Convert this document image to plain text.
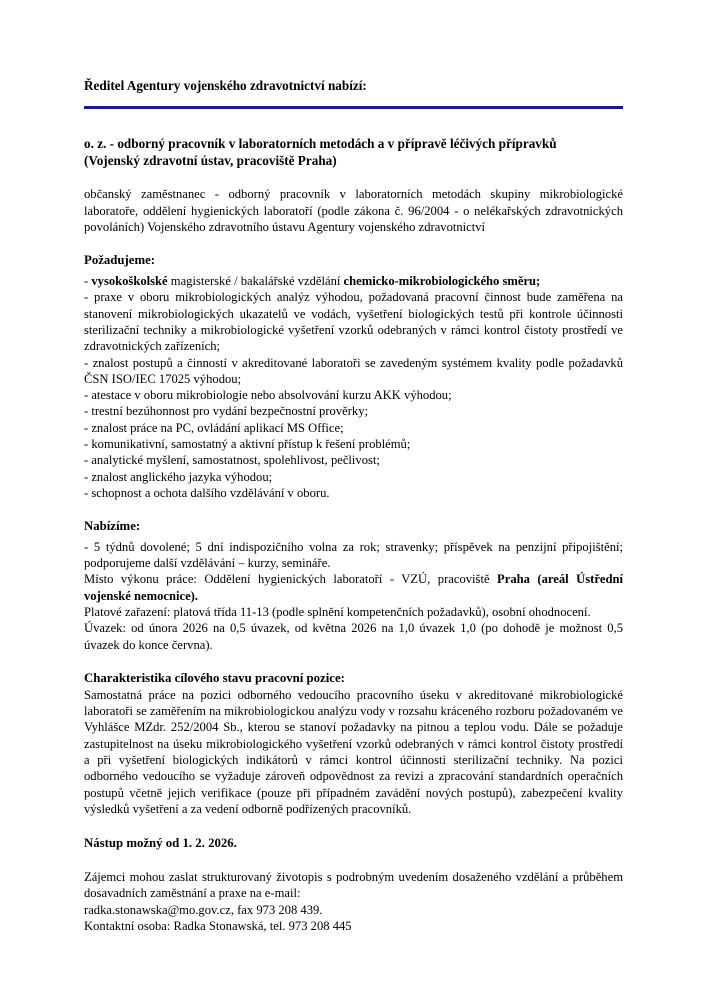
Ředitel Agentury vojenského zdravotnictví nabízí:
o. z. - odborný pracovník v laboratorních metodách a v přípravě léčivých přípravků
(Vojenský zdravotní ústav, pracoviště Praha)

občanský zaměstnanec - odborný pracovník v laboratorních metodách skupiny mikrobiologické laboratoře, oddělení hygienických laboratoří (podle zákona č. 96/2004 - o nelékařských zdravotnických povoláních) Vojenského zdravotního ústavu Agentury vojenského zdravotnictví

Požadujeme:
- vysokoškolské magisterské / bakalářské vzdělání chemicko-mikrobiologického směru;
- praxe v oboru mikrobiologických analýz výhodou, požadovaná pracovní činnost bude zaměřena na stanovení mikrobiologických ukazatelů ve vodách, vyšetření biologických testů při kontrole účinnosti sterilizační techniky a mikrobiologické vyšetření vzorků odebraných v rámci kontrol čistoty prostředí ve zdravotnických zařízeních;
- znalost postupů a činností v akreditované laboratoři se zavedeným systémem kvality podle požadavků ČSN ISO/IEC 17025 výhodou;
- atestace v oboru mikrobiologie nebo absolvování kurzu AKK výhodou;
- trestní bezúhonnost pro vydání bezpečnostní prověrky;
- znalost práce na PC, ovládání aplikací MS Office;
- komunikativní, samostatný a aktivní přístup k řešení problémů;
- analytické myšlení, samostatnost, spolehlivost, pečlivost;
- znalost anglického jazyka výhodou;
- schopnost a ochota dalšího vzdělávání v oboru.
Nabízíme:

- 5 týdnů dovolené; 5 dní indispozičního volna za rok; stravenky; příspěvek na penzijní připojištění; podporujeme další vzdělávání – kurzy, semináře.

Místo výkonu práce: Oddělení hygienických laboratoří - VZÚ, pracoviště Praha (areál Ústřední vojenské nemocnice).

Platové zařazení: platová třída 11-13 (podle splnění kompetenčních požadavků), osobní ohodnocení.

Úvazek: od února 2026 na 0,5 úvazek, od května 2026 na 1,0 úvazek 1,0 (po dohodě je možnost 0,5 úvazek do konce června).

Charakteristika cílového stavu pracovní pozice:

Samostatná práce na pozici odborného vedoucího pracovního úseku v akreditované mikrobiologické laboratoři se zaměřením na mikrobiologickou analýzu vody v rozsahu kráceného rozboru požadovaném ve Vyhlášce MZdr. 252/2004 Sb., kterou se stanoví požadavky na pitnou a teplou vodu. Dále se požaduje zastupitelnost na úseku mikrobiologického vyšetření vzorků odebraných v rámci kontrol čistoty prostředí a při vyšetření biologických indikátorů v rámci kontrol účinnosti sterilizační techniky. Na pozici odborného vedoucího se vyžaduje zároveň odpovědnost za revizi a zpracování standardních operačních postupů včetně jejich verifikace (pouze při případném zavádění nových postupů), zabezpečení kvality výsledků vyšetření a za vedení odborně podřízených pracovníků.

Nástup možný od 1. 2. 2026.

Zájemci mohou zaslat strukturovaný životopis s podrobným uvedením dosaženého vzdělání a průběhem dosavadních zaměstnání a praxe na e-mail:

radka.stonawska@mo.gov.cz, fax 973 208 439.

Kontaktní osoba: Radka Stonawská, tel. 973 208 445
